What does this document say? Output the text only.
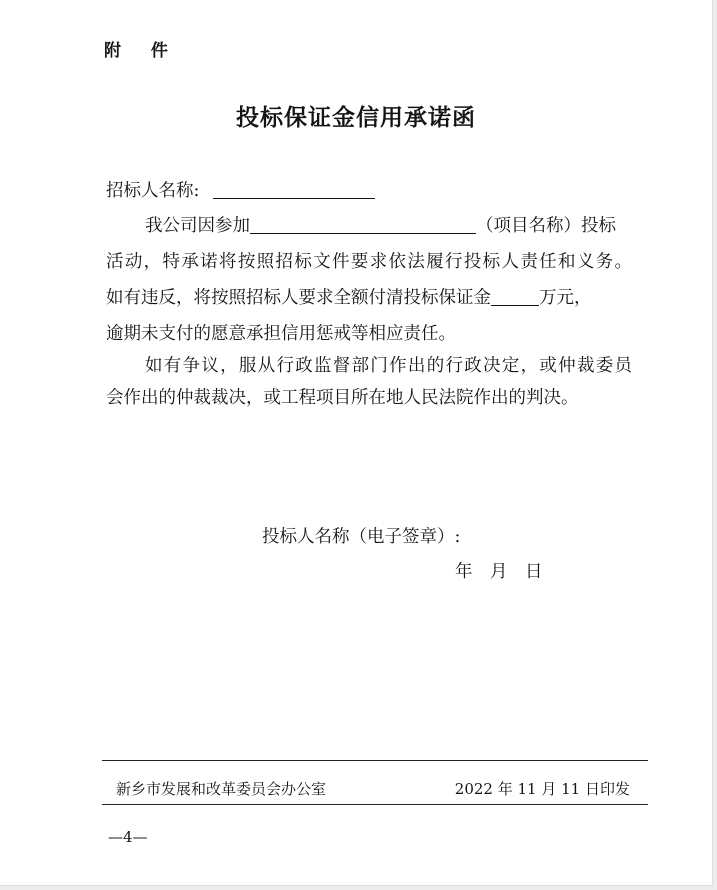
附 件
投标保证金信用承诺函
招标人名称:
我公司因参加	（项目名称）投标
活动，特承诺将按照招标文件要求依法履行投标人责任和义务。
如有违反，将按照招标人要求全额付清投标保证金	万元，
逾期未支付的愿意承担信用惩戒等相应责任。
如有争议，服从行政监督部门作出的行政决定，或仲裁委员
会作出的仲裁裁决，或工程项目所在地人民法院作出的判决。
投标人名称（电子签章）:
年　月　日
新乡市发展和改革委员会办公室	2022 年 11 月 11 日印发
—4—
